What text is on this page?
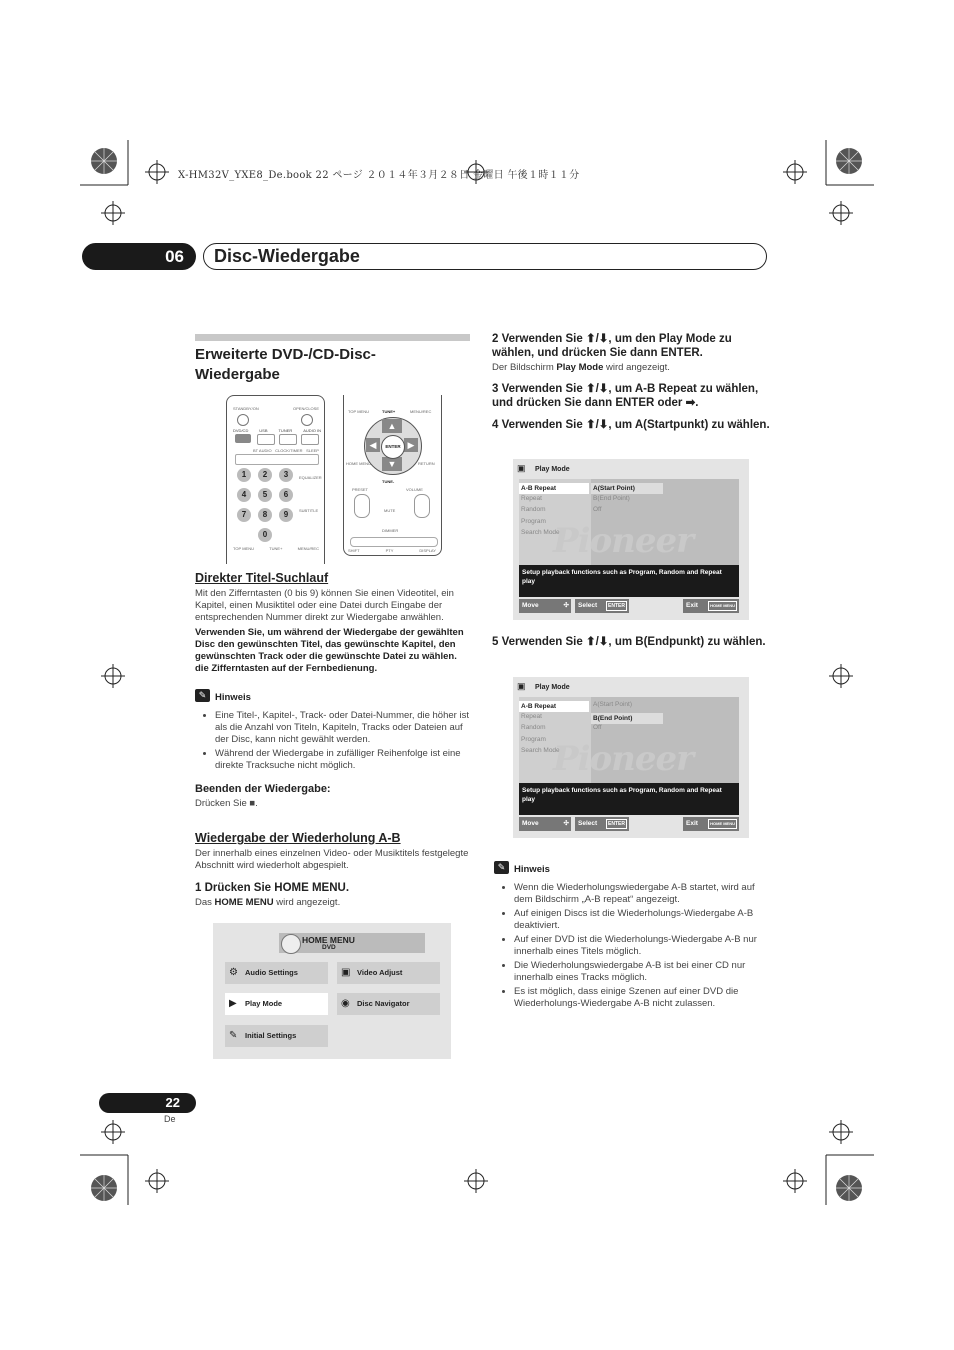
X-HM32V_YXE8_De.book 22 ページ ２０１４年３月２８日 金曜日 午後１時１１分
06	Disc-Wiedergabe
Erweiterte DVD-/CD-Disc-
Wiedergabe
STANDBY/ON	OPEN/CLOSE
DVD/CD	USB	TUNER	AUDIO IN
BT AUDIO CLOCK/TIMER SLEEP
1	2	3
4	5	6
7	8	9
0
EQUALIZER
SUBTITLE
TOP MENU	TUNE+	MENU/REC
TOP MENU	TUNE+	MENU/REC
▲
▼
◀	▶
ENTER
HOME MENU	RETURN
TUNE-
PRESET	VOLUME
MUTE
DIMMER
SHIFT	PTY	DISPLAY
Direkter Titel-Suchlauf
Mit den Zifferntasten (0 bis 9) können Sie einen Videotitel, ein Kapitel, einen Musiktitel oder eine Datei durch Eingabe der entsprechenden Nummer direkt zur Wiedergabe anwählen.
Verwenden Sie, um während der Wiedergabe der gewählten Disc den gewünschten Titel, das gewünschte Kapitel, den gewünschten Track oder die gewünschte Datei zu wählen. die Zifferntasten auf der Fernbedienung.
✎ Hinweis
• Eine Titel-, Kapitel-, Track- oder Datei-Nummer, die höher ist als die Anzahl von Titeln, Kapiteln, Tracks oder Dateien auf der Disc, kann nicht gewählt werden.
• Während der Wiedergabe in zufälliger Reihenfolge ist eine direkte Tracksuche nicht möglich.
Beenden der Wiedergabe:
Drücken Sie ■.
Wiedergabe der Wiederholung A-B
Der innerhalb eines einzelnen Video- oder Musiktitels festgelegte Abschnitt wird wiederholt abgespielt.
1 Drücken Sie HOME MENU.
Das HOME MENU wird angezeigt.
HOME MENU
DVD
Audio Settings
⚙	Video Adjust
▣
Play Mode
▶	Disc Navigator
◉
Initial Settings
✎
2 Verwenden Sie ⬆/⬇, um den Play Mode zu wählen, und drücken Sie dann ENTER.
Der Bildschirm Play Mode wird angezeigt.
3 Verwenden Sie ⬆/⬇, um A-B Repeat zu wählen, und drücken Sie dann ENTER oder ➡.
4 Verwenden Sie ⬆/⬇, um A(Startpunkt) zu wählen.
▣ Play Mode
A-B Repeat
Repeat
Random
Program
Search Mode
A(Start Point)
B(End Point)
Off
Pioneer
Setup playback functions such as Program, Random and Repeat play
Move	✣	Select	ENTER	Exit	HOME MENU
5 Verwenden Sie ⬆/⬇, um B(Endpunkt) zu wählen.
▣ Play Mode
A-B Repeat
Repeat
Random
Program
Search Mode
A(Start Point)
B(End Point)
Off
Pioneer
Setup playback functions such as Program, Random and Repeat play
Move	✣	Select	ENTER	Exit	HOME MENU
✎ Hinweis
• Wenn die Wiederholungswiedergabe A-B startet, wird auf dem Bildschirm „A-B repeat“ angezeigt.
• Auf einigen Discs ist die Wiederholungs-Wiedergabe A-B deaktiviert.
• Auf einer DVD ist die Wiederholungs-Wiedergabe A-B nur innerhalb eines Titels möglich.
• Die Wiederholungswiedergabe A-B ist bei einer CD nur innerhalb eines Tracks möglich.
• Es ist möglich, dass einige Szenen auf einer DVD die Wiederholungs-Wiedergabe A-B nicht zulassen.
22
De
